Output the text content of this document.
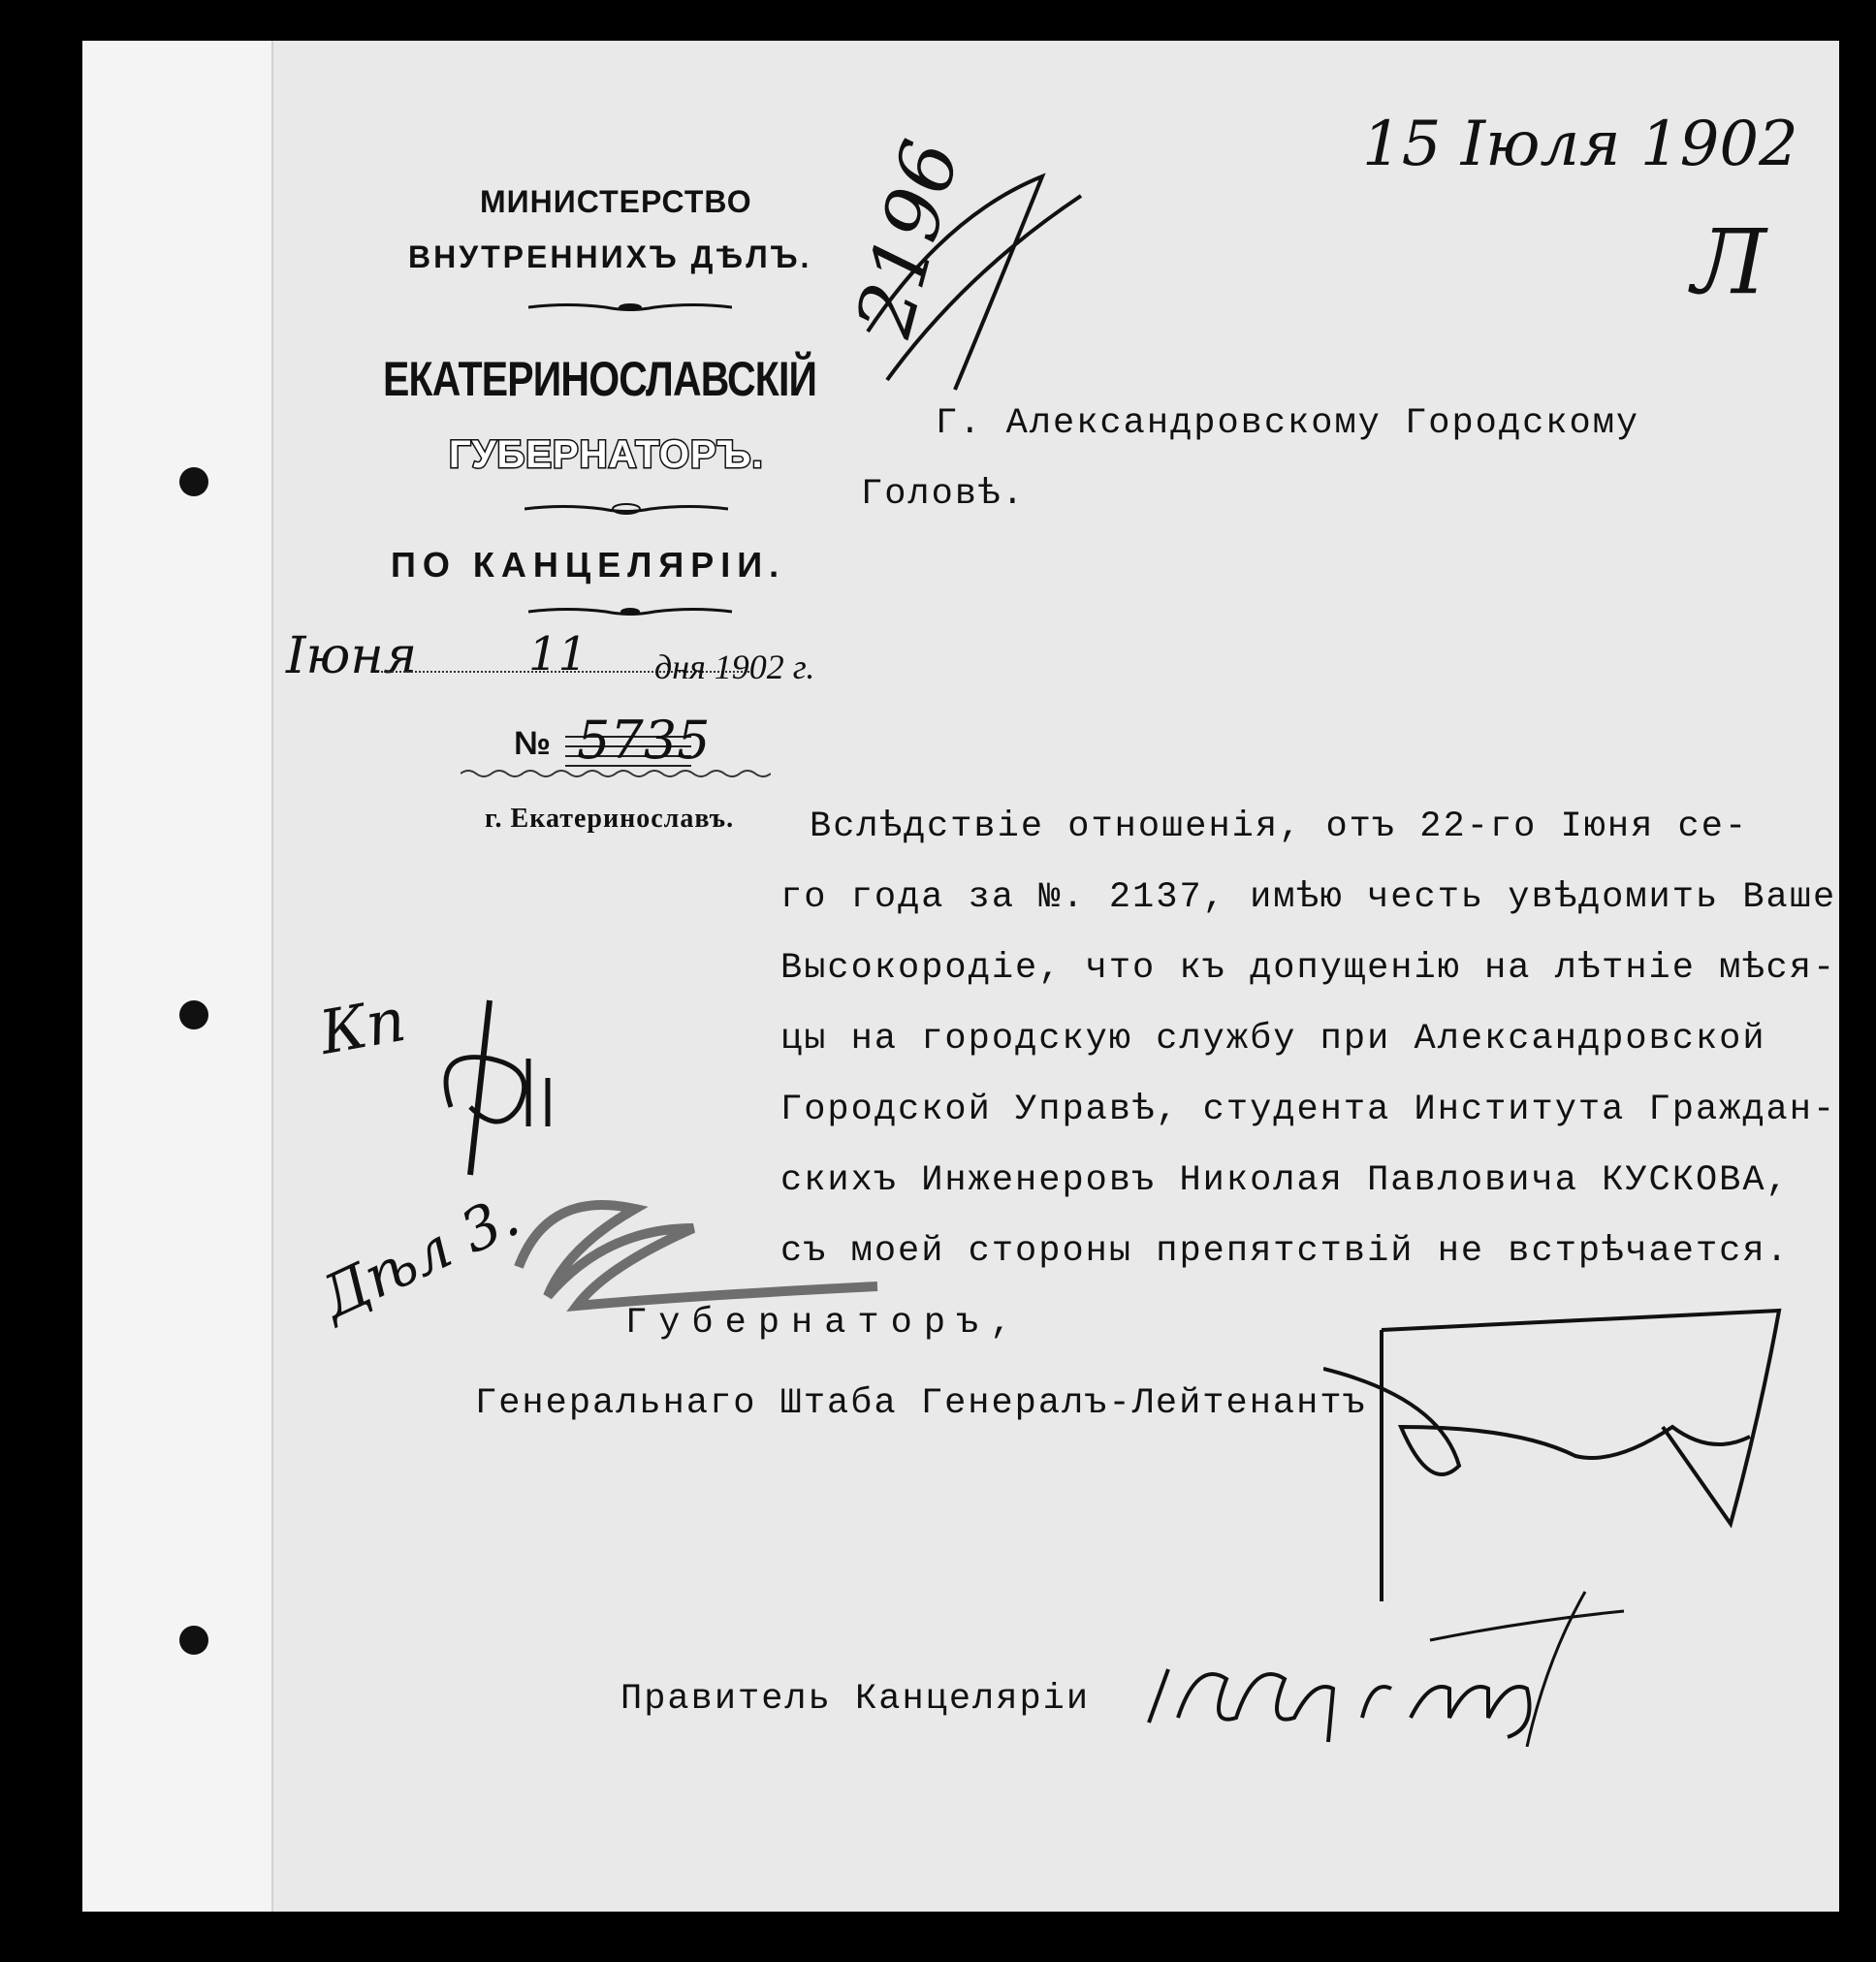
МИНИСТЕРСТВО
ВНУТРЕННИХЪ ДѢЛЪ.
ЕКАТЕРИНОСЛАВСКІЙ
ГУБЕРНАТОРЪ.
ПО КАНЦЕЛЯРІИ.
Іюня 11 дня 1902 г.
№ 5735
г. Екатеринославъ.
2196	15 Іюля 1902
Л
Кп
Дѣл 3.
Г. Александровскому Городскому
Головѣ.
Вслѣдствіе отношенія, отъ 22-го Іюня се-
го года за №. 2137, имѣю честь увѣдомить Ваше
Высокородіе, что къ допущенію на лѣтніе мѣся-
цы на городскую службу при Александровской
Городской Управѣ, студента Института Граждан-
скихъ Инженеровъ Николая Павловича КУСКОВА,
съ моей стороны препятствій не встрѣчается.
Губернаторъ,
Генеральнаго Штаба Генералъ-Лейтенантъ
Правитель Канцеляріи
